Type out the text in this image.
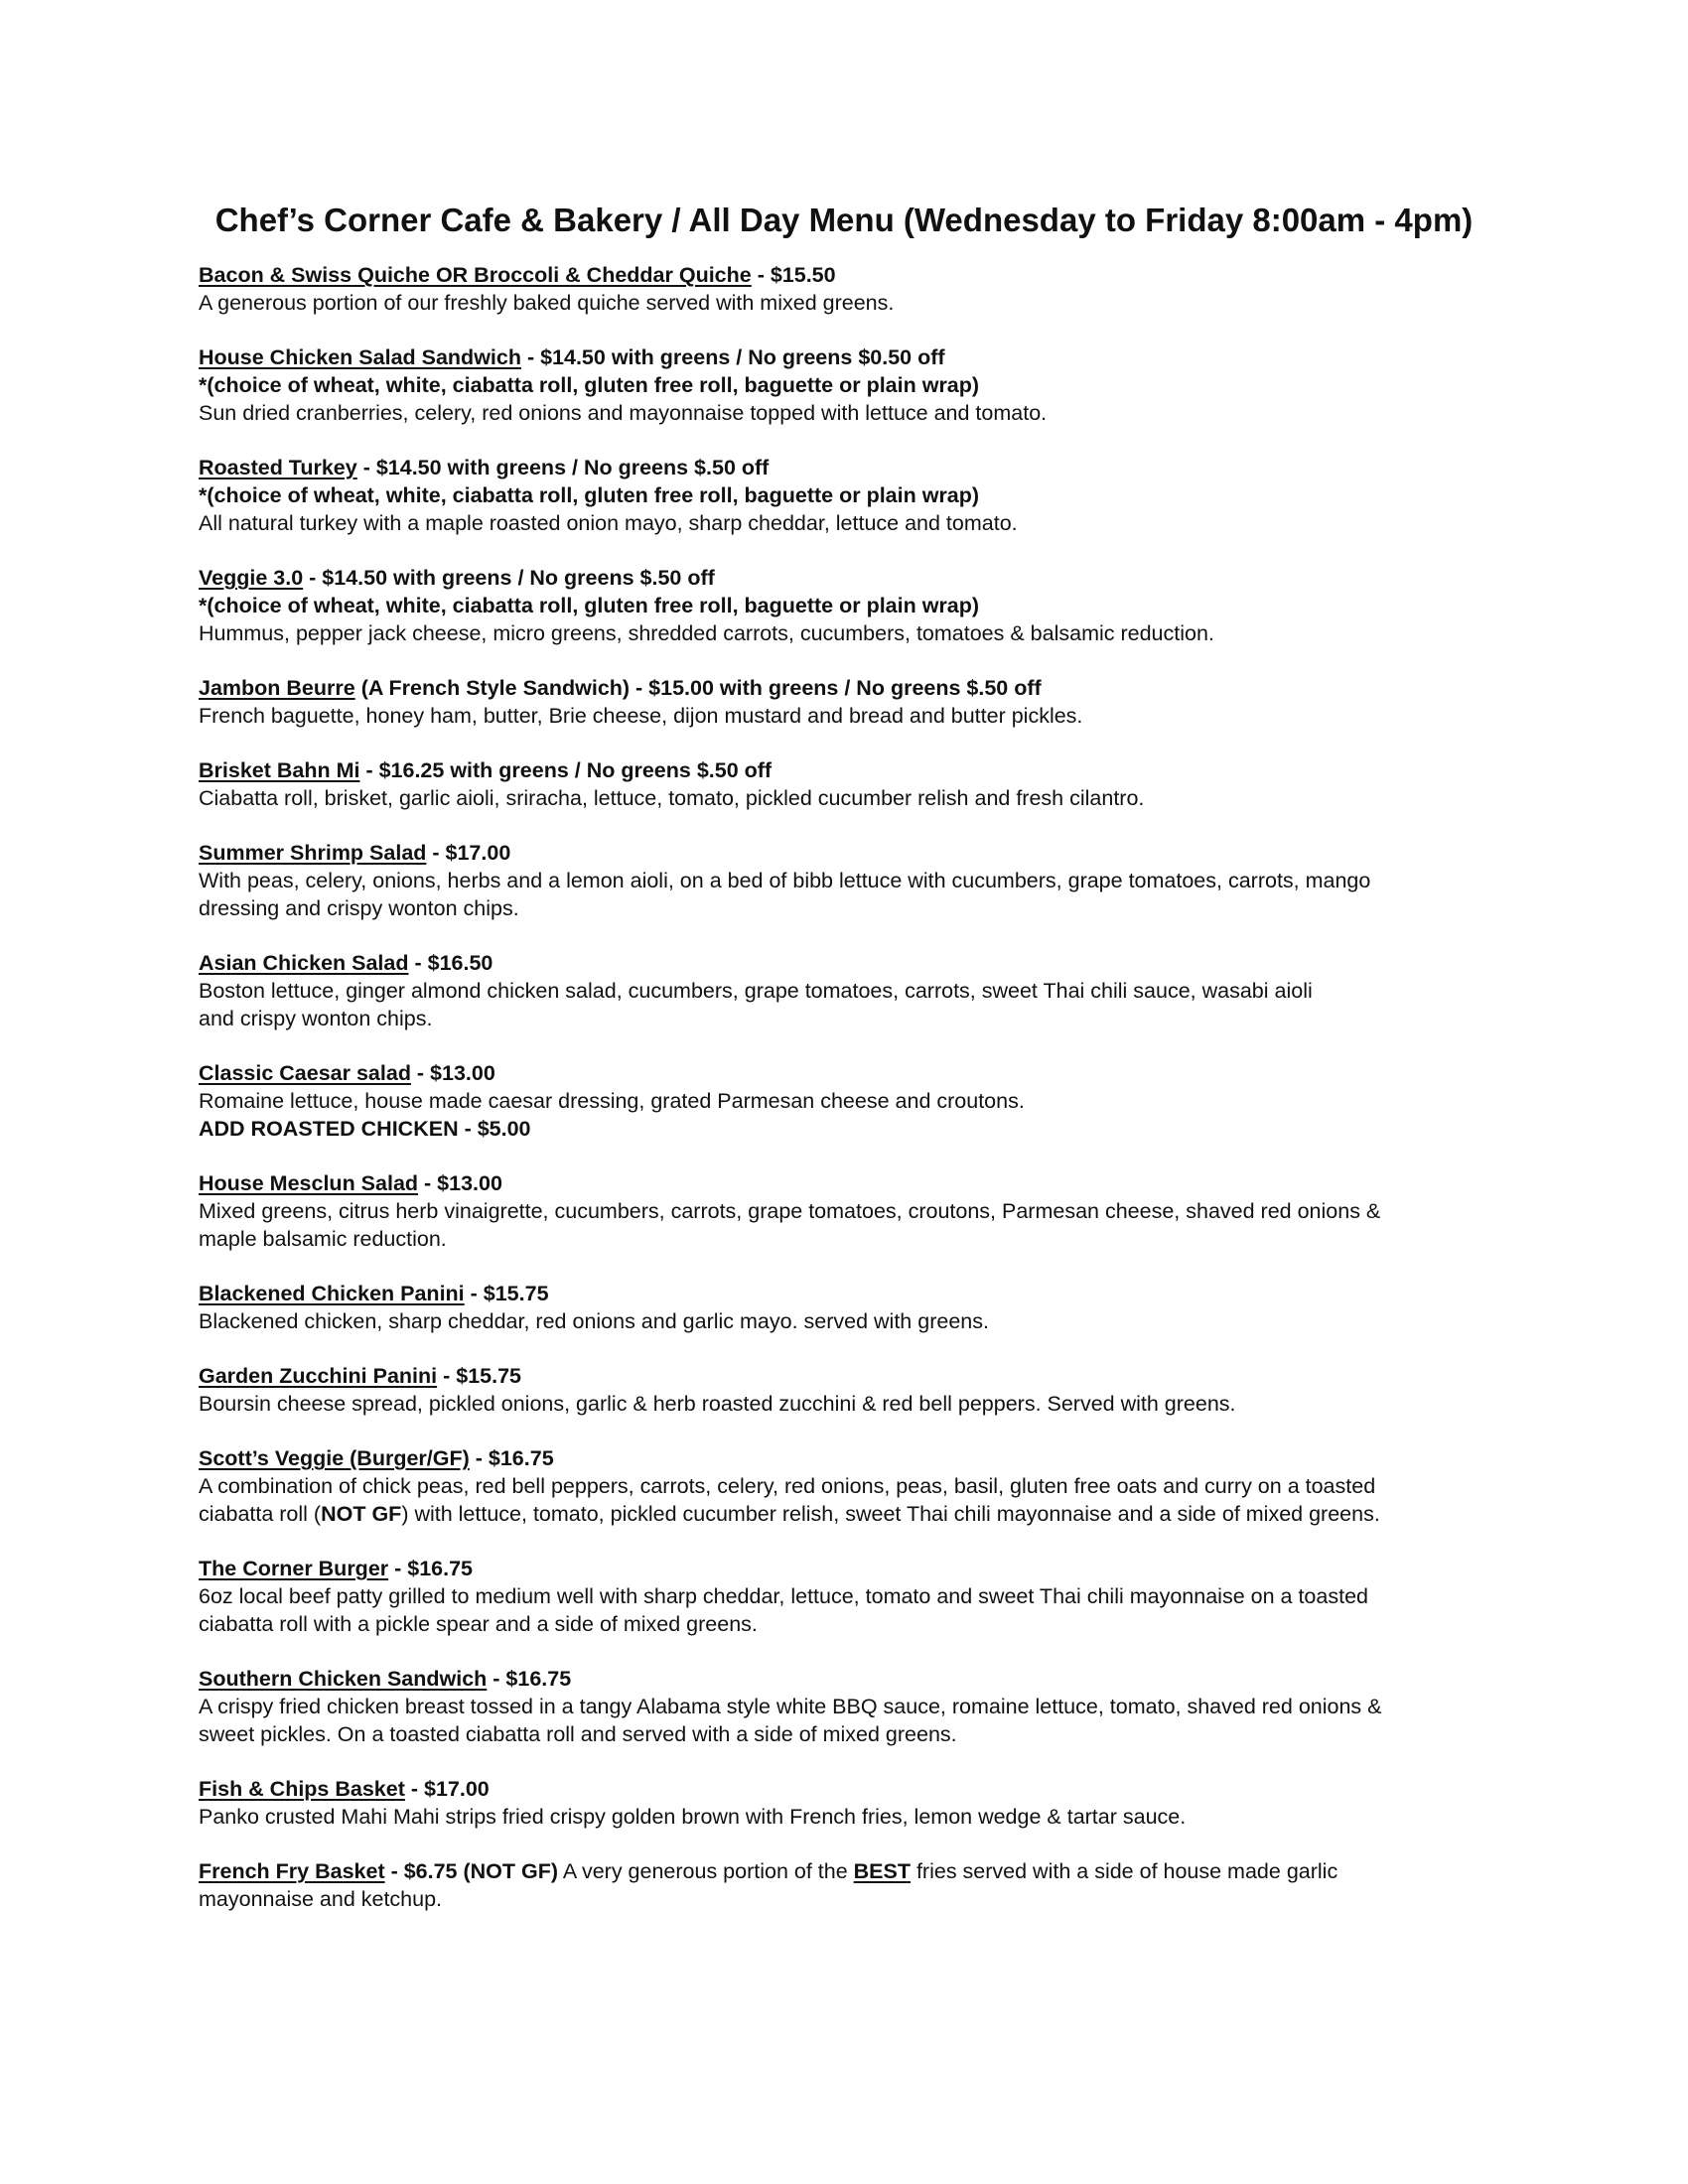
Chef’s Corner Cafe & Bakery / All Day Menu (Wednesday to Friday 8:00am - 4pm)
Bacon & Swiss Quiche OR Broccoli & Cheddar Quiche - $15.50
A generous portion of our freshly baked quiche served with mixed greens.
House Chicken Salad Sandwich - $14.50 with greens / No greens $0.50 off
*(choice of wheat, white, ciabatta roll, gluten free roll, baguette or plain wrap)
Sun dried cranberries, celery, red onions and mayonnaise topped with lettuce and tomato.
Roasted Turkey - $14.50 with greens / No greens $.50 off
*(choice of wheat, white, ciabatta roll, gluten free roll, baguette or plain wrap)
All natural turkey with a maple roasted onion mayo, sharp cheddar, lettuce and tomato.
Veggie 3.0 - $14.50 with greens / No greens $.50 off
*(choice of wheat, white, ciabatta roll, gluten free roll, baguette or plain wrap)
Hummus, pepper jack cheese, micro greens, shredded carrots, cucumbers, tomatoes & balsamic reduction.
Jambon Beurre (A French Style Sandwich) - $15.00 with greens / No greens $.50 off
French baguette, honey ham, butter, Brie cheese, dijon mustard and bread and butter pickles.
Brisket Bahn Mi - $16.25 with greens / No greens $.50 off
Ciabatta roll, brisket, garlic aioli, sriracha, lettuce, tomato, pickled cucumber relish and fresh cilantro.
Summer Shrimp Salad - $17.00
With peas, celery, onions, herbs and a lemon aioli, on a bed of bibb lettuce with cucumbers, grape tomatoes, carrots, mango
dressing and crispy wonton chips.
Asian Chicken Salad - $16.50
Boston lettuce, ginger almond chicken salad, cucumbers, grape tomatoes, carrots, sweet Thai chili sauce, wasabi aioli
and crispy wonton chips.
Classic Caesar salad - $13.00
Romaine lettuce, house made caesar dressing, grated Parmesan cheese and croutons.
ADD ROASTED CHICKEN - $5.00
House Mesclun Salad - $13.00
Mixed greens, citrus herb vinaigrette, cucumbers, carrots, grape tomatoes, croutons, Parmesan cheese, shaved red onions &
maple balsamic reduction.
Blackened Chicken Panini - $15.75
Blackened chicken, sharp cheddar, red onions and garlic mayo. served with greens.
Garden Zucchini Panini - $15.75
Boursin cheese spread, pickled onions, garlic & herb roasted zucchini & red bell peppers. Served with greens.
Scott’s Veggie (Burger/GF) - $16.75
A combination of chick peas, red bell peppers, carrots, celery, red onions, peas, basil, gluten free oats and curry on a toasted
ciabatta roll (NOT GF) with lettuce, tomato, pickled cucumber relish, sweet Thai chili mayonnaise and a side of mixed greens.
The Corner Burger - $16.75
6oz local beef patty grilled to medium well with sharp cheddar, lettuce, tomato and sweet Thai chili mayonnaise on a toasted
ciabatta roll with a pickle spear and a side of mixed greens.
Southern Chicken Sandwich - $16.75
A crispy fried chicken breast tossed in a tangy Alabama style white BBQ sauce, romaine lettuce, tomato, shaved red onions &
sweet pickles. On a toasted ciabatta roll and served with a side of mixed greens.
Fish & Chips Basket - $17.00
Panko crusted Mahi Mahi strips fried crispy golden brown with French fries, lemon wedge & tartar sauce.
French Fry Basket - $6.75 (NOT GF) A very generous portion of the BEST fries served with a side of house made garlic
mayonnaise and ketchup.
